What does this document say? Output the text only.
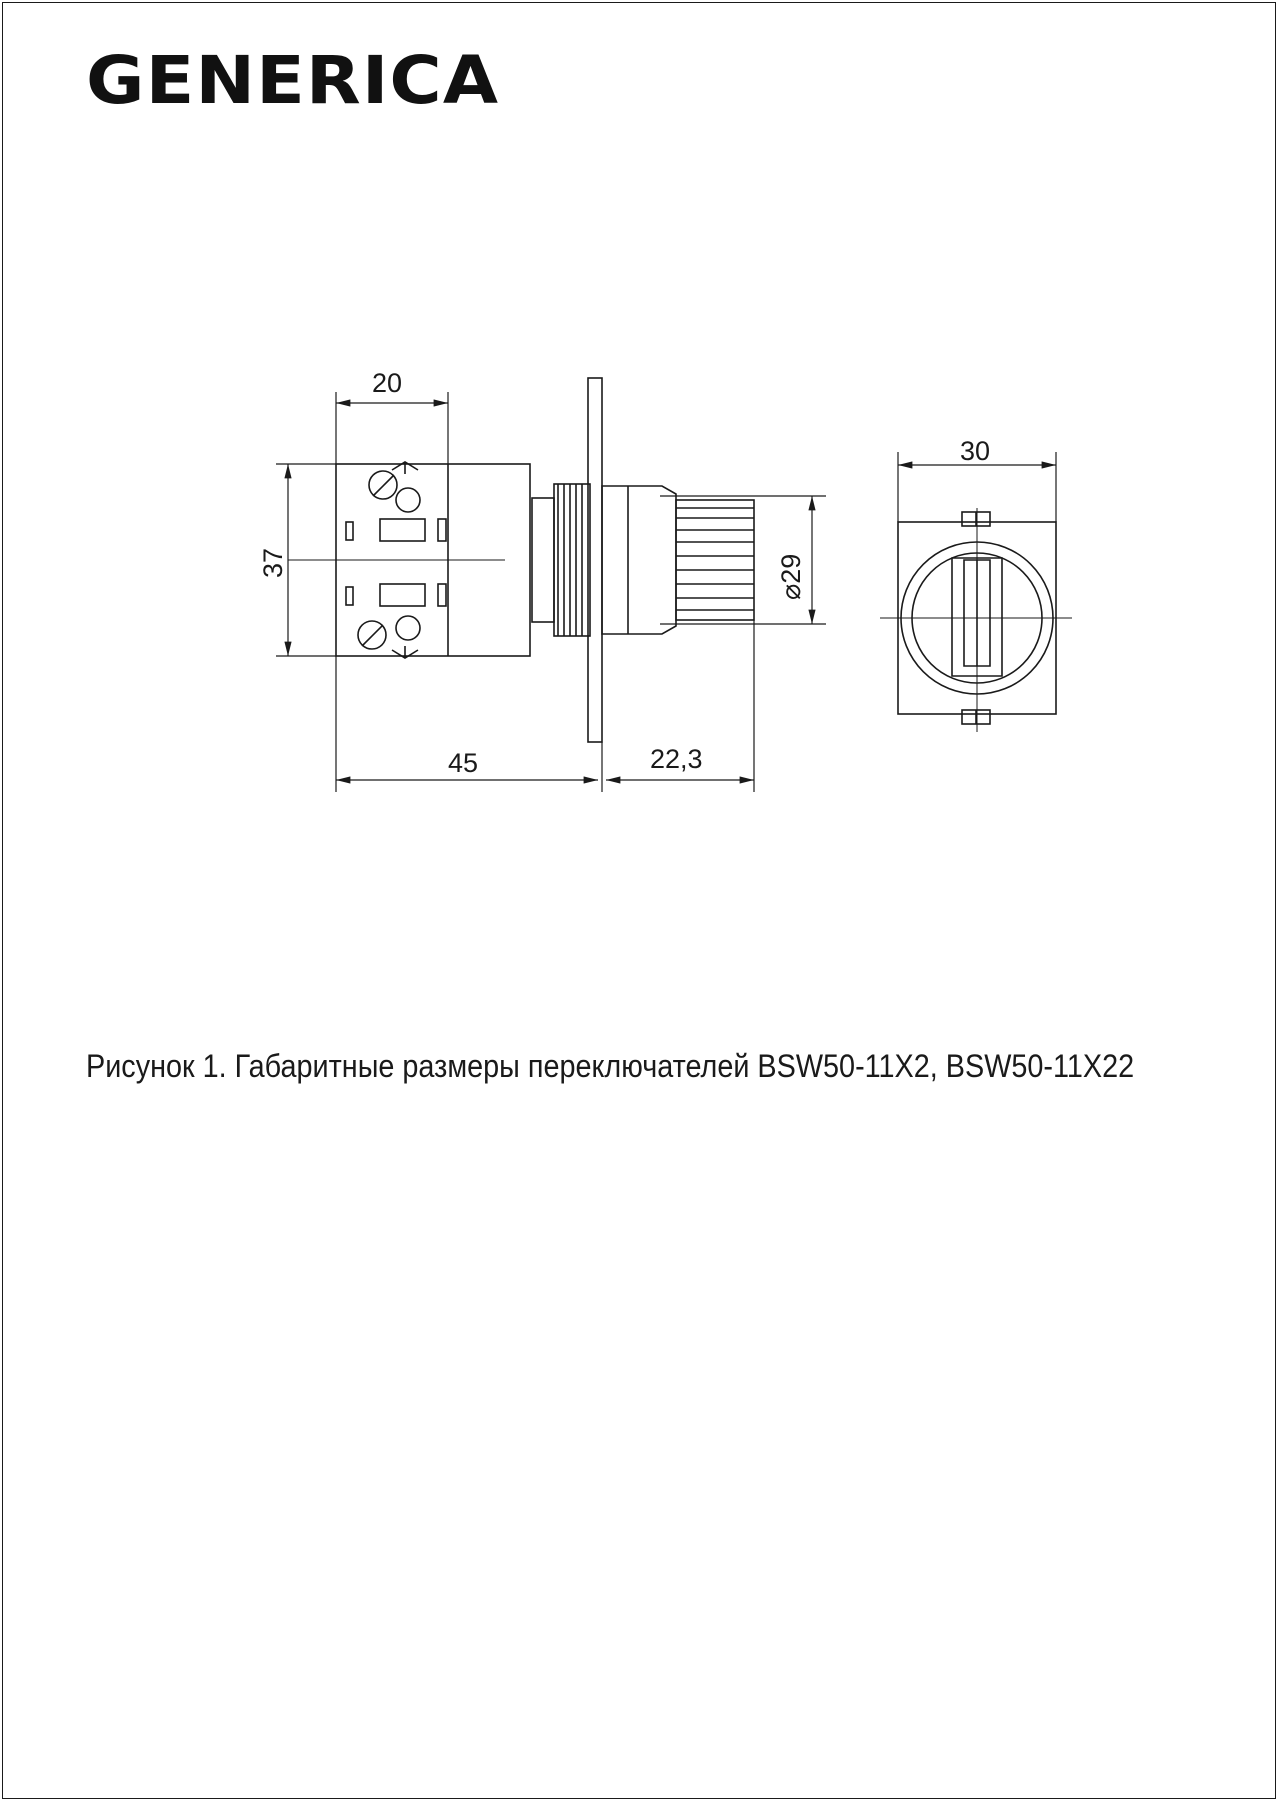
GENERICA
20
37
45	22,3
⌀29
30
Рисунок 1. Габаритные размеры переключателей BSW50-11X2, BSW50-11X22
